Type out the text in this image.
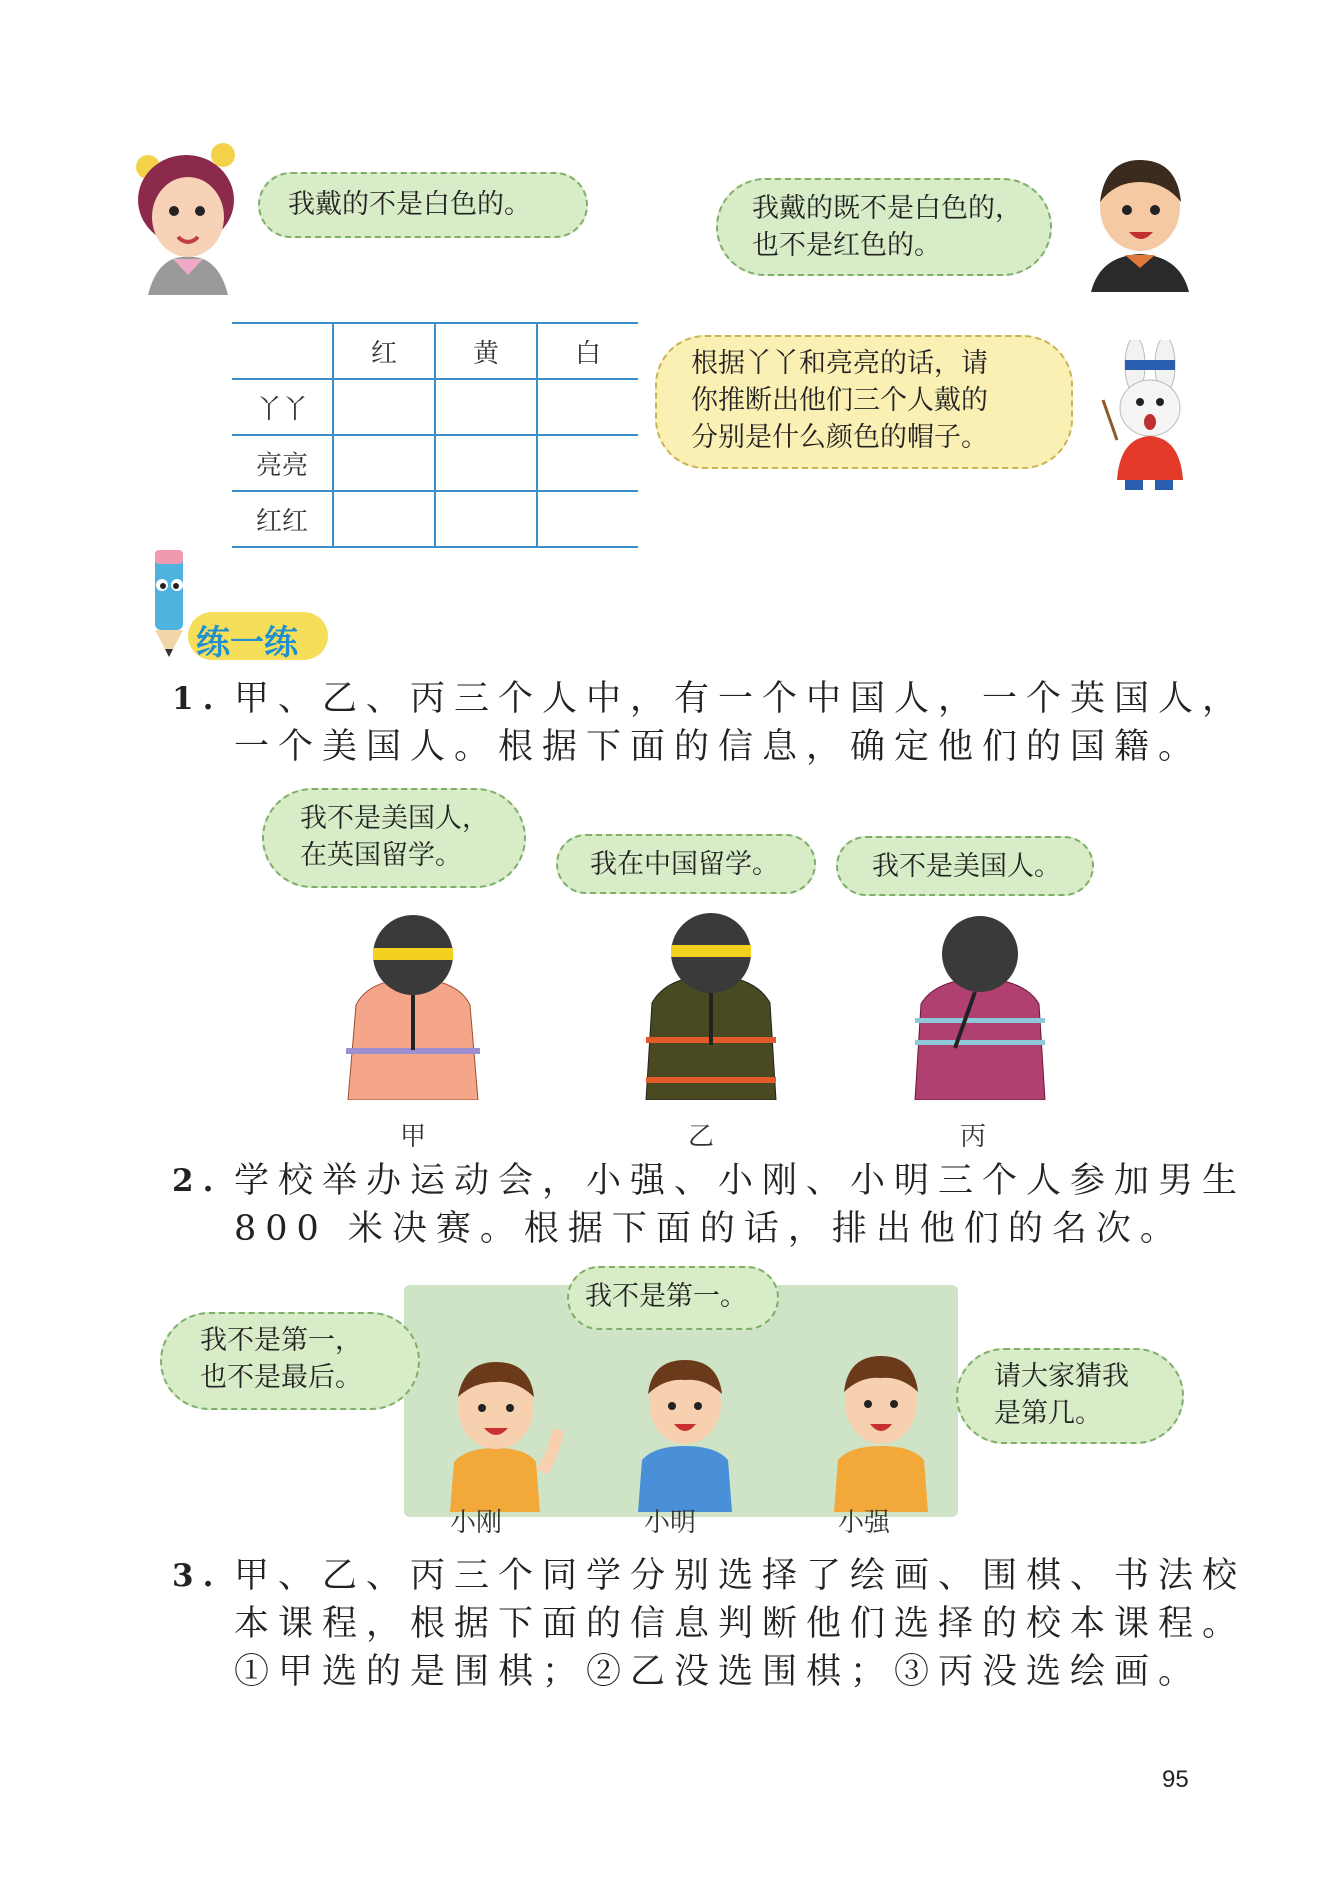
我戴的不是白色的。	我戴的既不是白色的，
也不是红色的。
	红	黄	白
丫丫			
亮亮			
红红			
根据丫丫和亮亮的话，请
你推断出他们三个人戴的
分别是什么颜色的帽子。
练一练
1. 甲、乙、丙三个人中，有一个中国人，一个英国人，
一个美国人。根据下面的信息，确定他们的国籍。
我不是美国人，
在英国留学。	我在中国留学。	我不是美国人。
甲	乙	丙
2. 学校举办运动会，小强、小刚、小明三个人参加男生
800 米决赛。根据下面的话，排出他们的名次。
我不是第一，
也不是最后。
我不是第一。
请大家猜我
是第几。
小刚	小明	小强
3. 甲、乙、丙三个同学分别选择了绘画、围棋、书法校
本课程，根据下面的信息判断他们选择的校本课程。
①甲选的是围棋；②乙没选围棋；③丙没选绘画。
95
